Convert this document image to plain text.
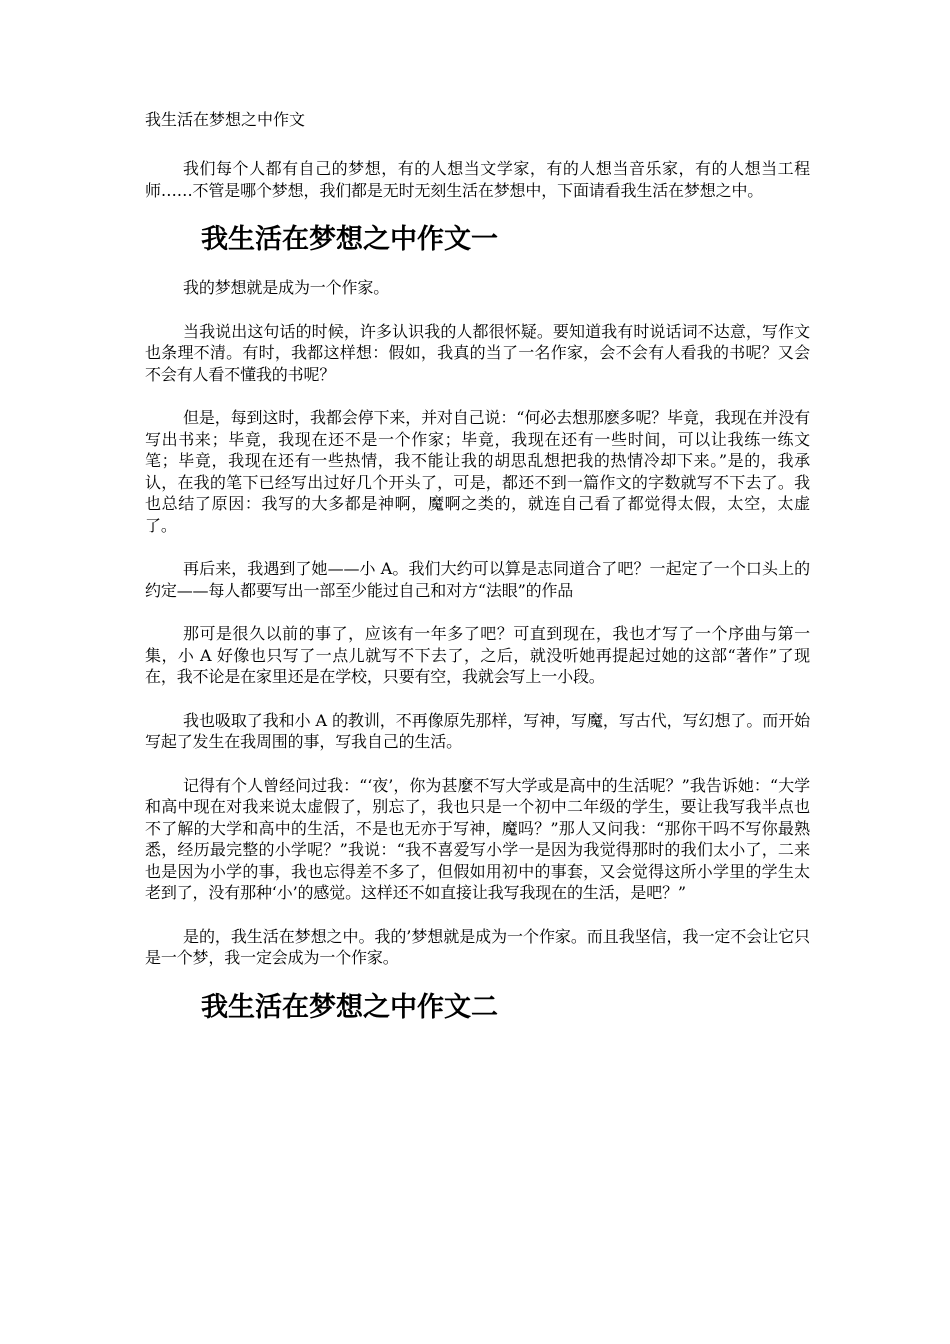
我生活在梦想之中作文

我们每个人都有自己的梦想，有的人想当文学家，有的人想当音乐家，有的人想当工程师……不管是哪个梦想，我们都是无时无刻生活在梦想中，下面请看我生活在梦想之中。

我生活在梦想之中作文一

我的梦想就是成为一个作家。

当我说出这句话的时候，许多认识我的人都很怀疑。要知道我有时说话词不达意，写作文也条理不清。有时，我都这样想：假如，我真的当了一名作家，会不会有人看我的书呢？又会不会有人看不懂我的书呢？

但是，每到这时，我都会停下来，并对自己说：“何必去想那麽多呢？毕竟，我现在并没有写出书来；毕竟，我现在还不是一个作家；毕竟，我现在还有一些时间，可以让我练一练文笔；毕竟，我现在还有一些热情，我不能让我的胡思乱想把我的热情冷却下来。”是的，我承认，在我的笔下已经写出过好几个开头了，可是，都还不到一篇作文的字数就写不下去了。我也总结了原因：我写的大多都是神啊，魔啊之类的，就连自己看了都觉得太假，太空，太虚了。

再后来，我遇到了她——小 A。我们大约可以算是志同道合了吧？一起定了一个口头上的约定——每人都要写出一部至少能过自己和对方“法眼”的作品

那可是很久以前的事了，应该有一年多了吧？可直到现在，我也才写了一个序曲与第一集，小 A 好像也只写了一点儿就写不下去了，之后，就没听她再提起过她的这部“著作”了现在，我不论是在家里还是在学校，只要有空，我就会写上一小段。

我也吸取了我和小 A 的教训，不再像原先那样，写神，写魔，写古代，写幻想了。而开始写起了发生在我周围的事，写我自己的生活。

记得有个人曾经问过我：“‘夜’，你为甚麼不写大学或是高中的生活呢？”我告诉她：“大学和高中现在对我来说太虚假了，别忘了，我也只是一个初中二年级的学生，要让我写我半点也不了解的大学和高中的生活，不是也无亦于写神，魔吗？”那人又问我：“那你干吗不写你最熟悉，经历最完整的小学呢？”我说：“我不喜爱写小学一是因为我觉得那时的我们太小了，二来也是因为小学的事，我也忘得差不多了，但假如用初中的事套，又会觉得这所小学里的学生太老到了，没有那种‘小’的感觉。这样还不如直接让我写我现在的生活，是吧？”

是的，我生活在梦想之中。我的’梦想就是成为一个作家。而且我坚信，我一定不会让它只是一个梦，我一定会成为一个作家。

我生活在梦想之中作文二
